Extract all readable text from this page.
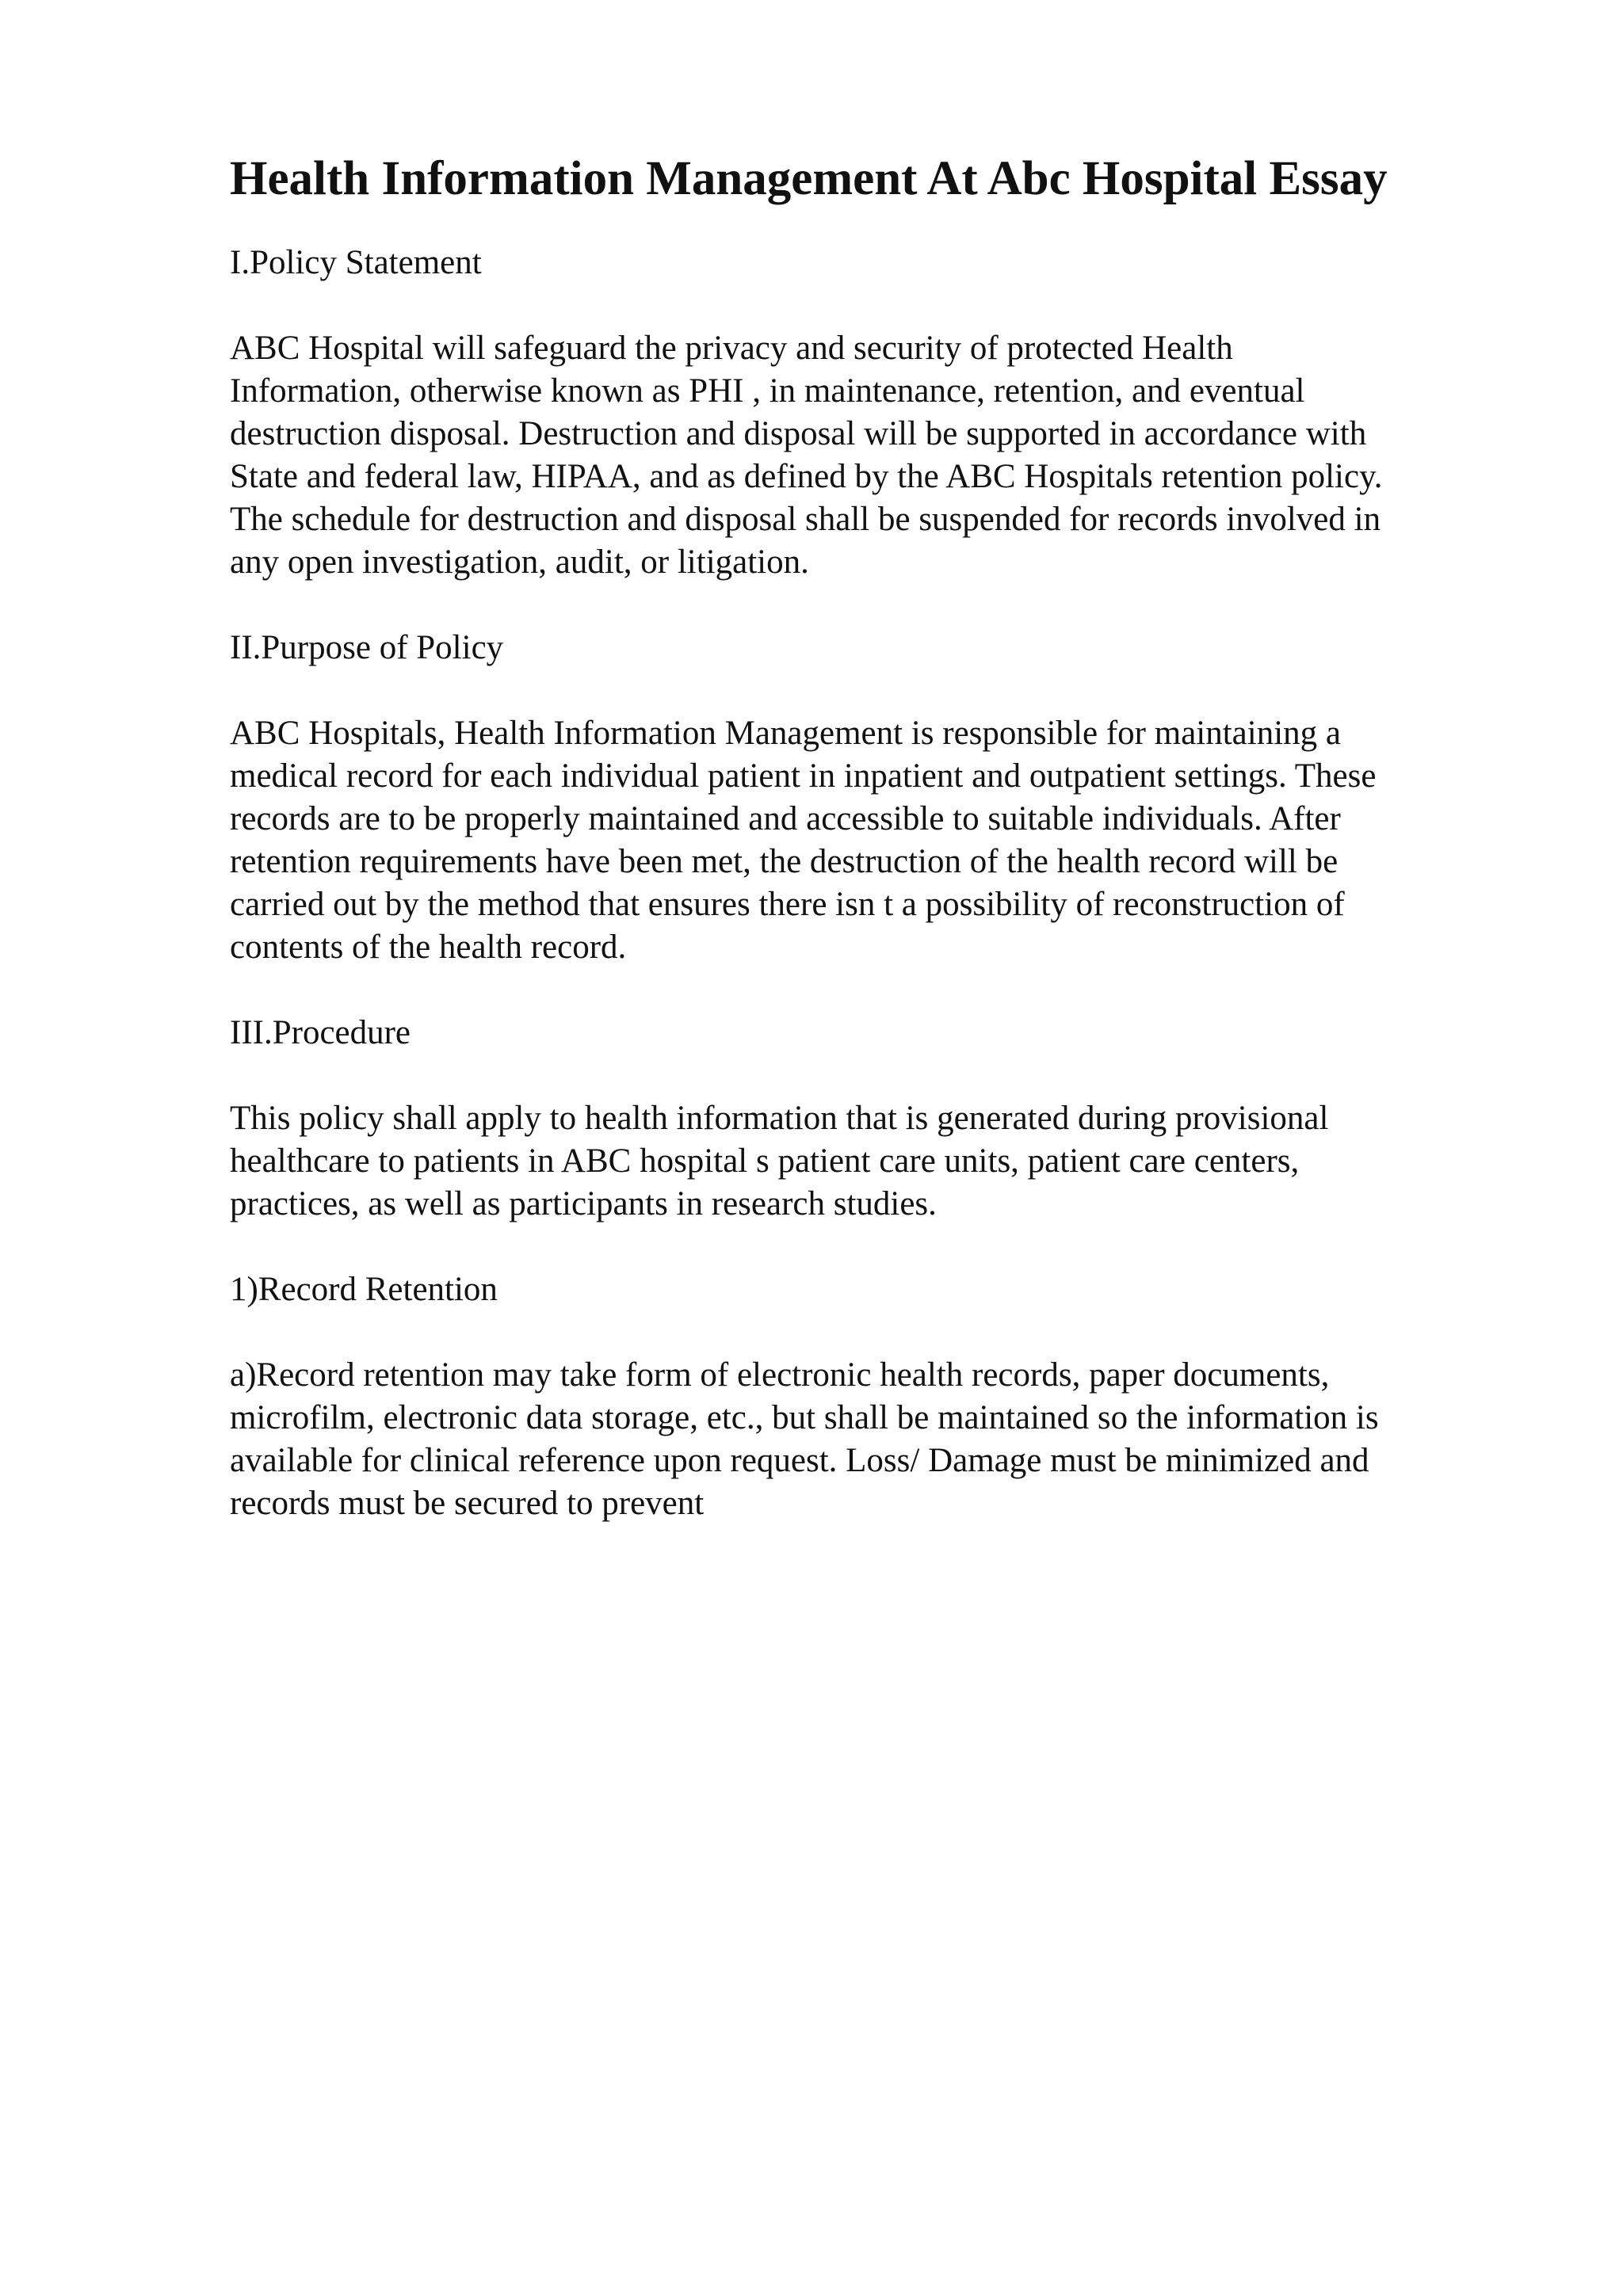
Health Information Management At Abc Hospital Essay

I.Policy Statement

ABC Hospital will safeguard the privacy and security of protected Health
Information, otherwise known as PHI , in maintenance, retention, and eventual
destruction disposal. Destruction and disposal will be supported in accordance with
State and federal law, HIPAA, and as defined by the ABC Hospitals retention policy.
The schedule for destruction and disposal shall be suspended for records involved in
any open investigation, audit, or litigation.

II.Purpose of Policy

ABC Hospitals, Health Information Management is responsible for maintaining a
medical record for each individual patient in inpatient and outpatient settings. These
records are to be properly maintained and accessible to suitable individuals. After
retention requirements have been met, the destruction of the health record will be
carried out by the method that ensures there isn t a possibility of reconstruction of
contents of the health record.

III.Procedure

This policy shall apply to health information that is generated during provisional
healthcare to patients in ABC hospital s patient care units, patient care centers,
practices, as well as participants in research studies.

1)Record Retention

a)Record retention may take form of electronic health records, paper documents,
microfilm, electronic data storage, etc., but shall be maintained so the information is
available for clinical reference upon request. Loss/ Damage must be minimized and
records must be secured to prevent
